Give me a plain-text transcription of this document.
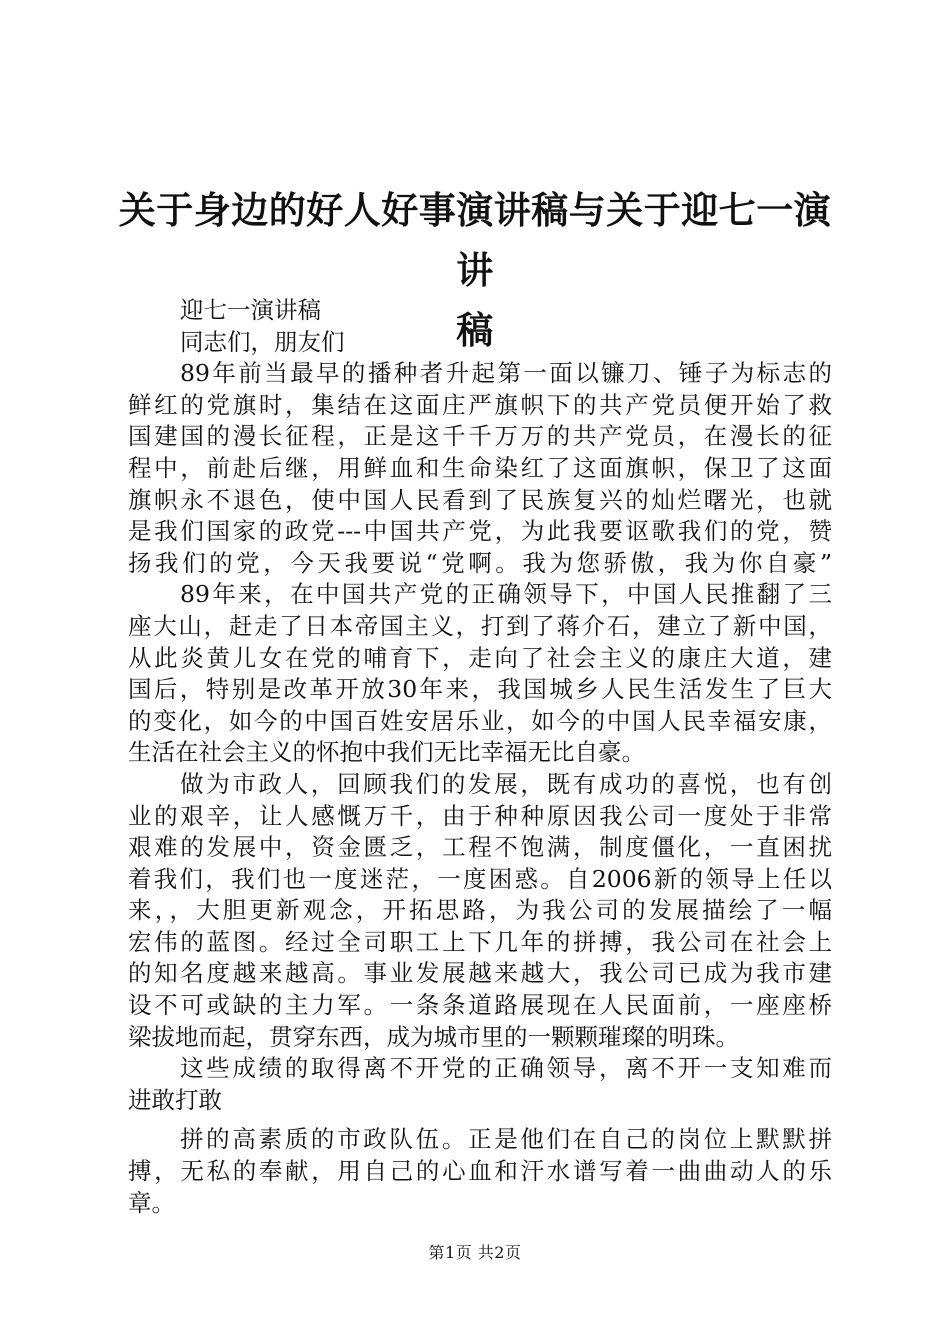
关于身边的好人好事演讲稿与关于迎七一演讲
稿
迎七一演讲稿
同志们，朋友们
89年前当最早的播种者升起第一面以镰刀、锤子为标志的
鲜红的党旗时，集结在这面庄严旗帜下的共产党员便开始了救
国建国的漫长征程，正是这千千万万的共产党员，在漫长的征
程中，前赴后继，用鲜血和生命染红了这面旗帜，保卫了这面
旗帜永不退色，使中国人民看到了民族复兴的灿烂曙光，也就
是我们国家的政党---中国共产党，为此我要讴歌我们的党，赞
扬我们的党，今天我要说“党啊。我为您骄傲，我为你自豪”
89年来，在中国共产党的正确领导下，中国人民推翻了三
座大山，赶走了日本帝国主义，打到了蒋介石，建立了新中国，
从此炎黄儿女在党的哺育下，走向了社会主义的康庄大道，建
国后，特别是改革开放30年来，我国城乡人民生活发生了巨大
的变化，如今的中国百姓安居乐业，如今的中国人民幸福安康，
生活在社会主义的怀抱中我们无比幸福无比自豪。
做为市政人，回顾我们的发展，既有成功的喜悦，也有创
业的艰辛，让人感慨万千，由于种种原因我公司一度处于非常
艰难的发展中，资金匮乏，工程不饱满，制度僵化，一直困扰
着我们，我们也一度迷茫，一度困惑。自2006新的领导上任以
来，，大胆更新观念，开拓思路，为我公司的发展描绘了一幅
宏伟的蓝图。经过全司职工上下几年的拼搏，我公司在社会上
的知名度越来越高。事业发展越来越大，我公司已成为我市建
设不可或缺的主力军。一条条道路展现在人民面前，一座座桥
梁拔地而起，贯穿东西，成为城市里的一颗颗璀璨的明珠。
这些成绩的取得离不开党的正确领导，离不开一支知难而
进敢打敢
拼的高素质的市政队伍。正是他们在自己的岗位上默默拼
搏，无私的奉献，用自己的心血和汗水谱写着一曲曲动人的乐
章。
第1页 共2页
